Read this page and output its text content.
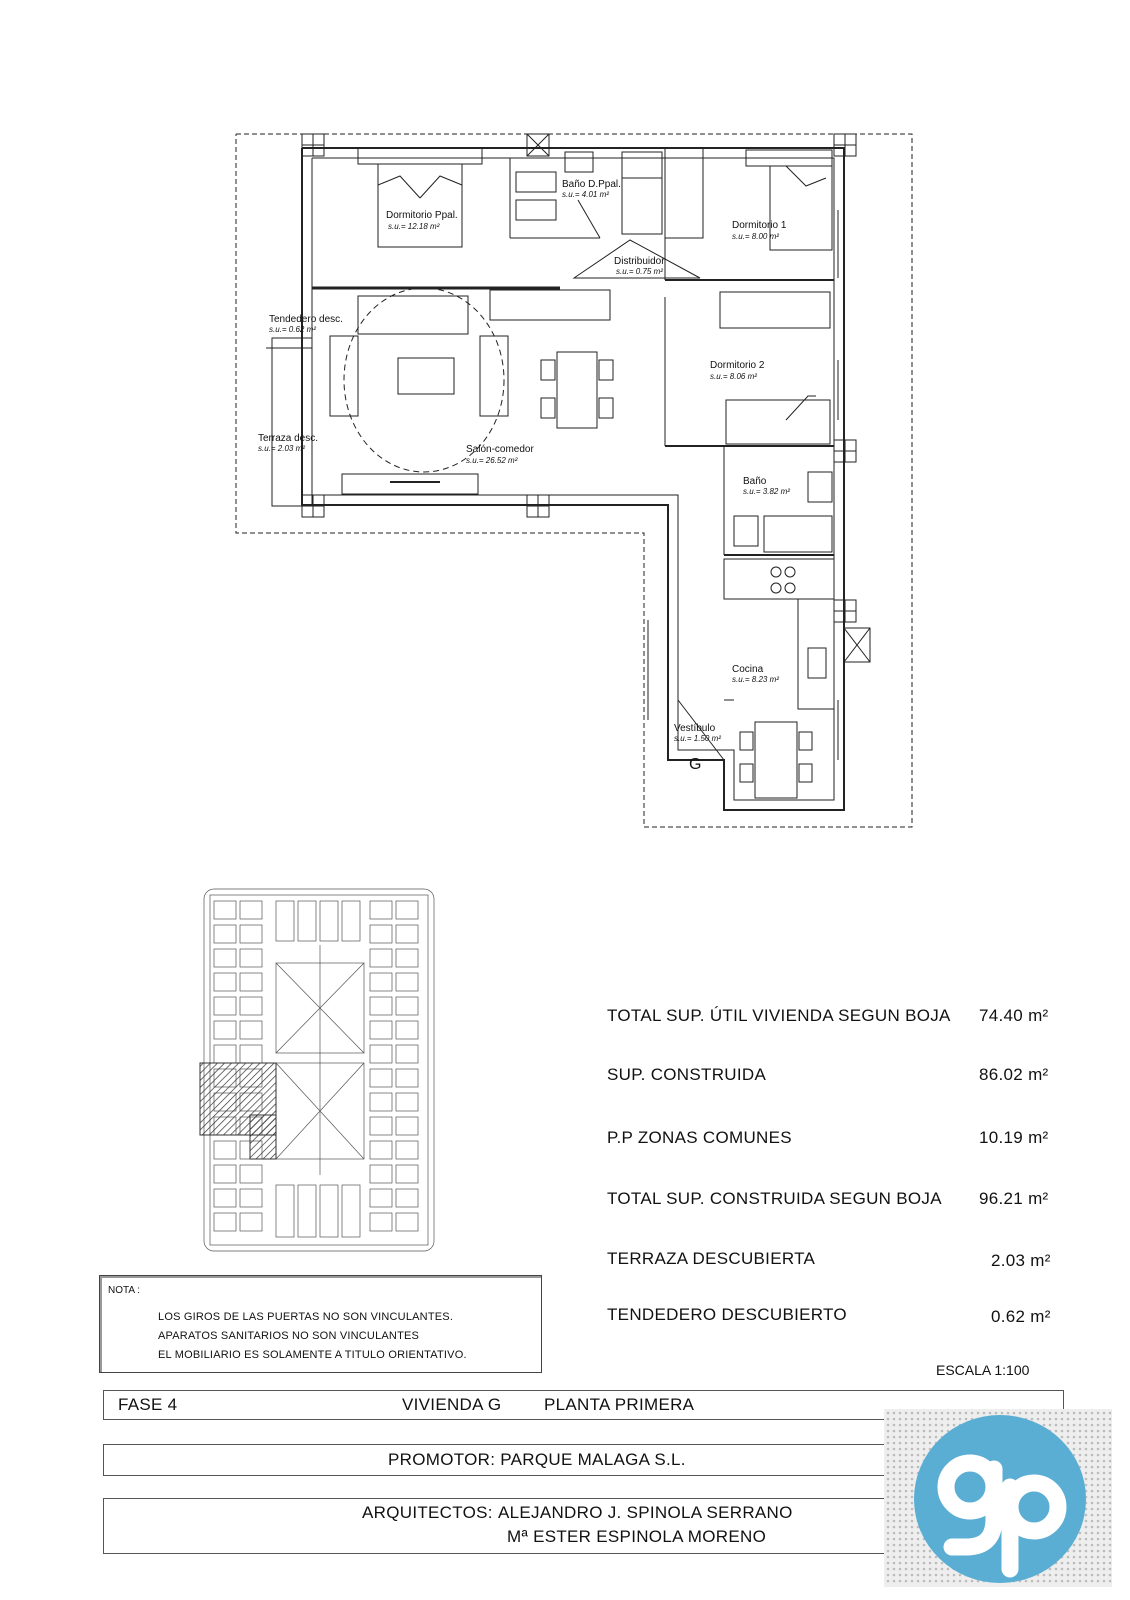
Dormitorio Ppal.
s.u.= 12.18 m²
Baño D.Ppal.
s.u.= 4.01 m²
Dormitorio 1
s.u.= 8.00 m²
Distribuidor
s.u.= 0.75 m²
Tendedero desc.
s.u.= 0.62 m²
Dormitorio 2
s.u.= 8.06 m²
Terraza desc.
s.u.= 2.03 m²	Salón-comedor
s.u.= 26.52 m²
Baño
s.u.= 3.82 m²
Cocina
s.u.= 8.23 m²
Vestíbulo
s.u.= 1.50 m²
G
NOTA :
LOS GIROS DE LAS PUERTAS NO SON VINCULANTES.
APARATOS SANITARIOS NO SON VINCULANTES
EL MOBILIARIO ES SOLAMENTE A TITULO ORIENTATIVO.
TOTAL SUP. ÚTIL VIVIENDA SEGUN BOJA 74.40 m²
SUP. CONSTRUIDA	86.02 m²
P.P ZONAS COMUNES	10.19 m²
TOTAL SUP. CONSTRUIDA SEGUN BOJA 96.21 m²
TERRAZA DESCUBIERTA	2.03 m²
TENDEDERO DESCUBIERTO	0.62 m²
ESCALA 1:100
FASE 4	VIVIENDA G	PLANTA PRIMERA
PROMOTOR: PARQUE MALAGA S.L.
ARQUITECTOS: ALEJANDRO J. SPINOLA SERRANO
Mª ESTER ESPINOLA MORENO
